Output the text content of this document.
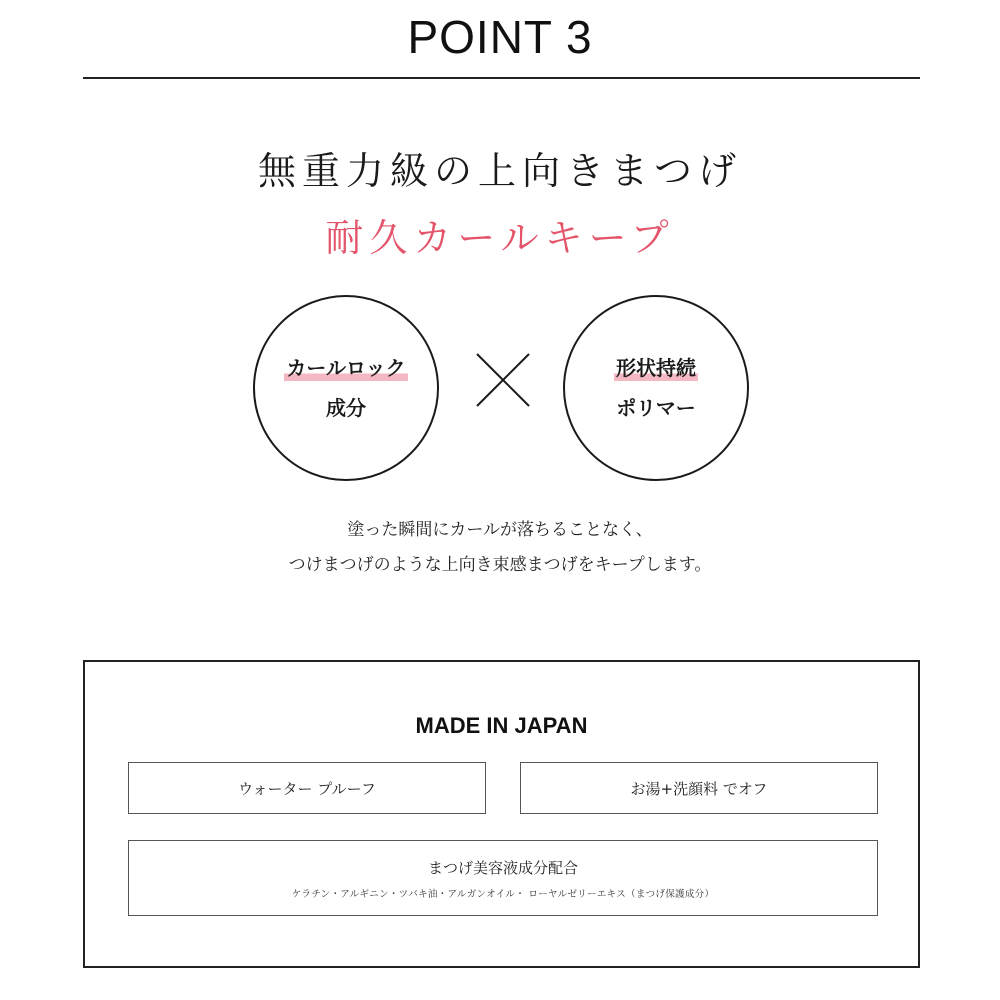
POINT 3
無重力級の上向きまつげ
耐久カールキープ
カールロック
成分
形状持続
ポリマー
塗った瞬間にカールが落ちることなく、
つけまつげのような上向き束感まつげをキープします。
MADE IN JAPAN
ウォーター プルーフ	お湯+洗顔料 でオフ
まつげ美容液成分配合
ケラチン・アルギニン・ツバキ油・アルガンオイル・ ローヤルゼリーエキス（まつげ保護成分）
